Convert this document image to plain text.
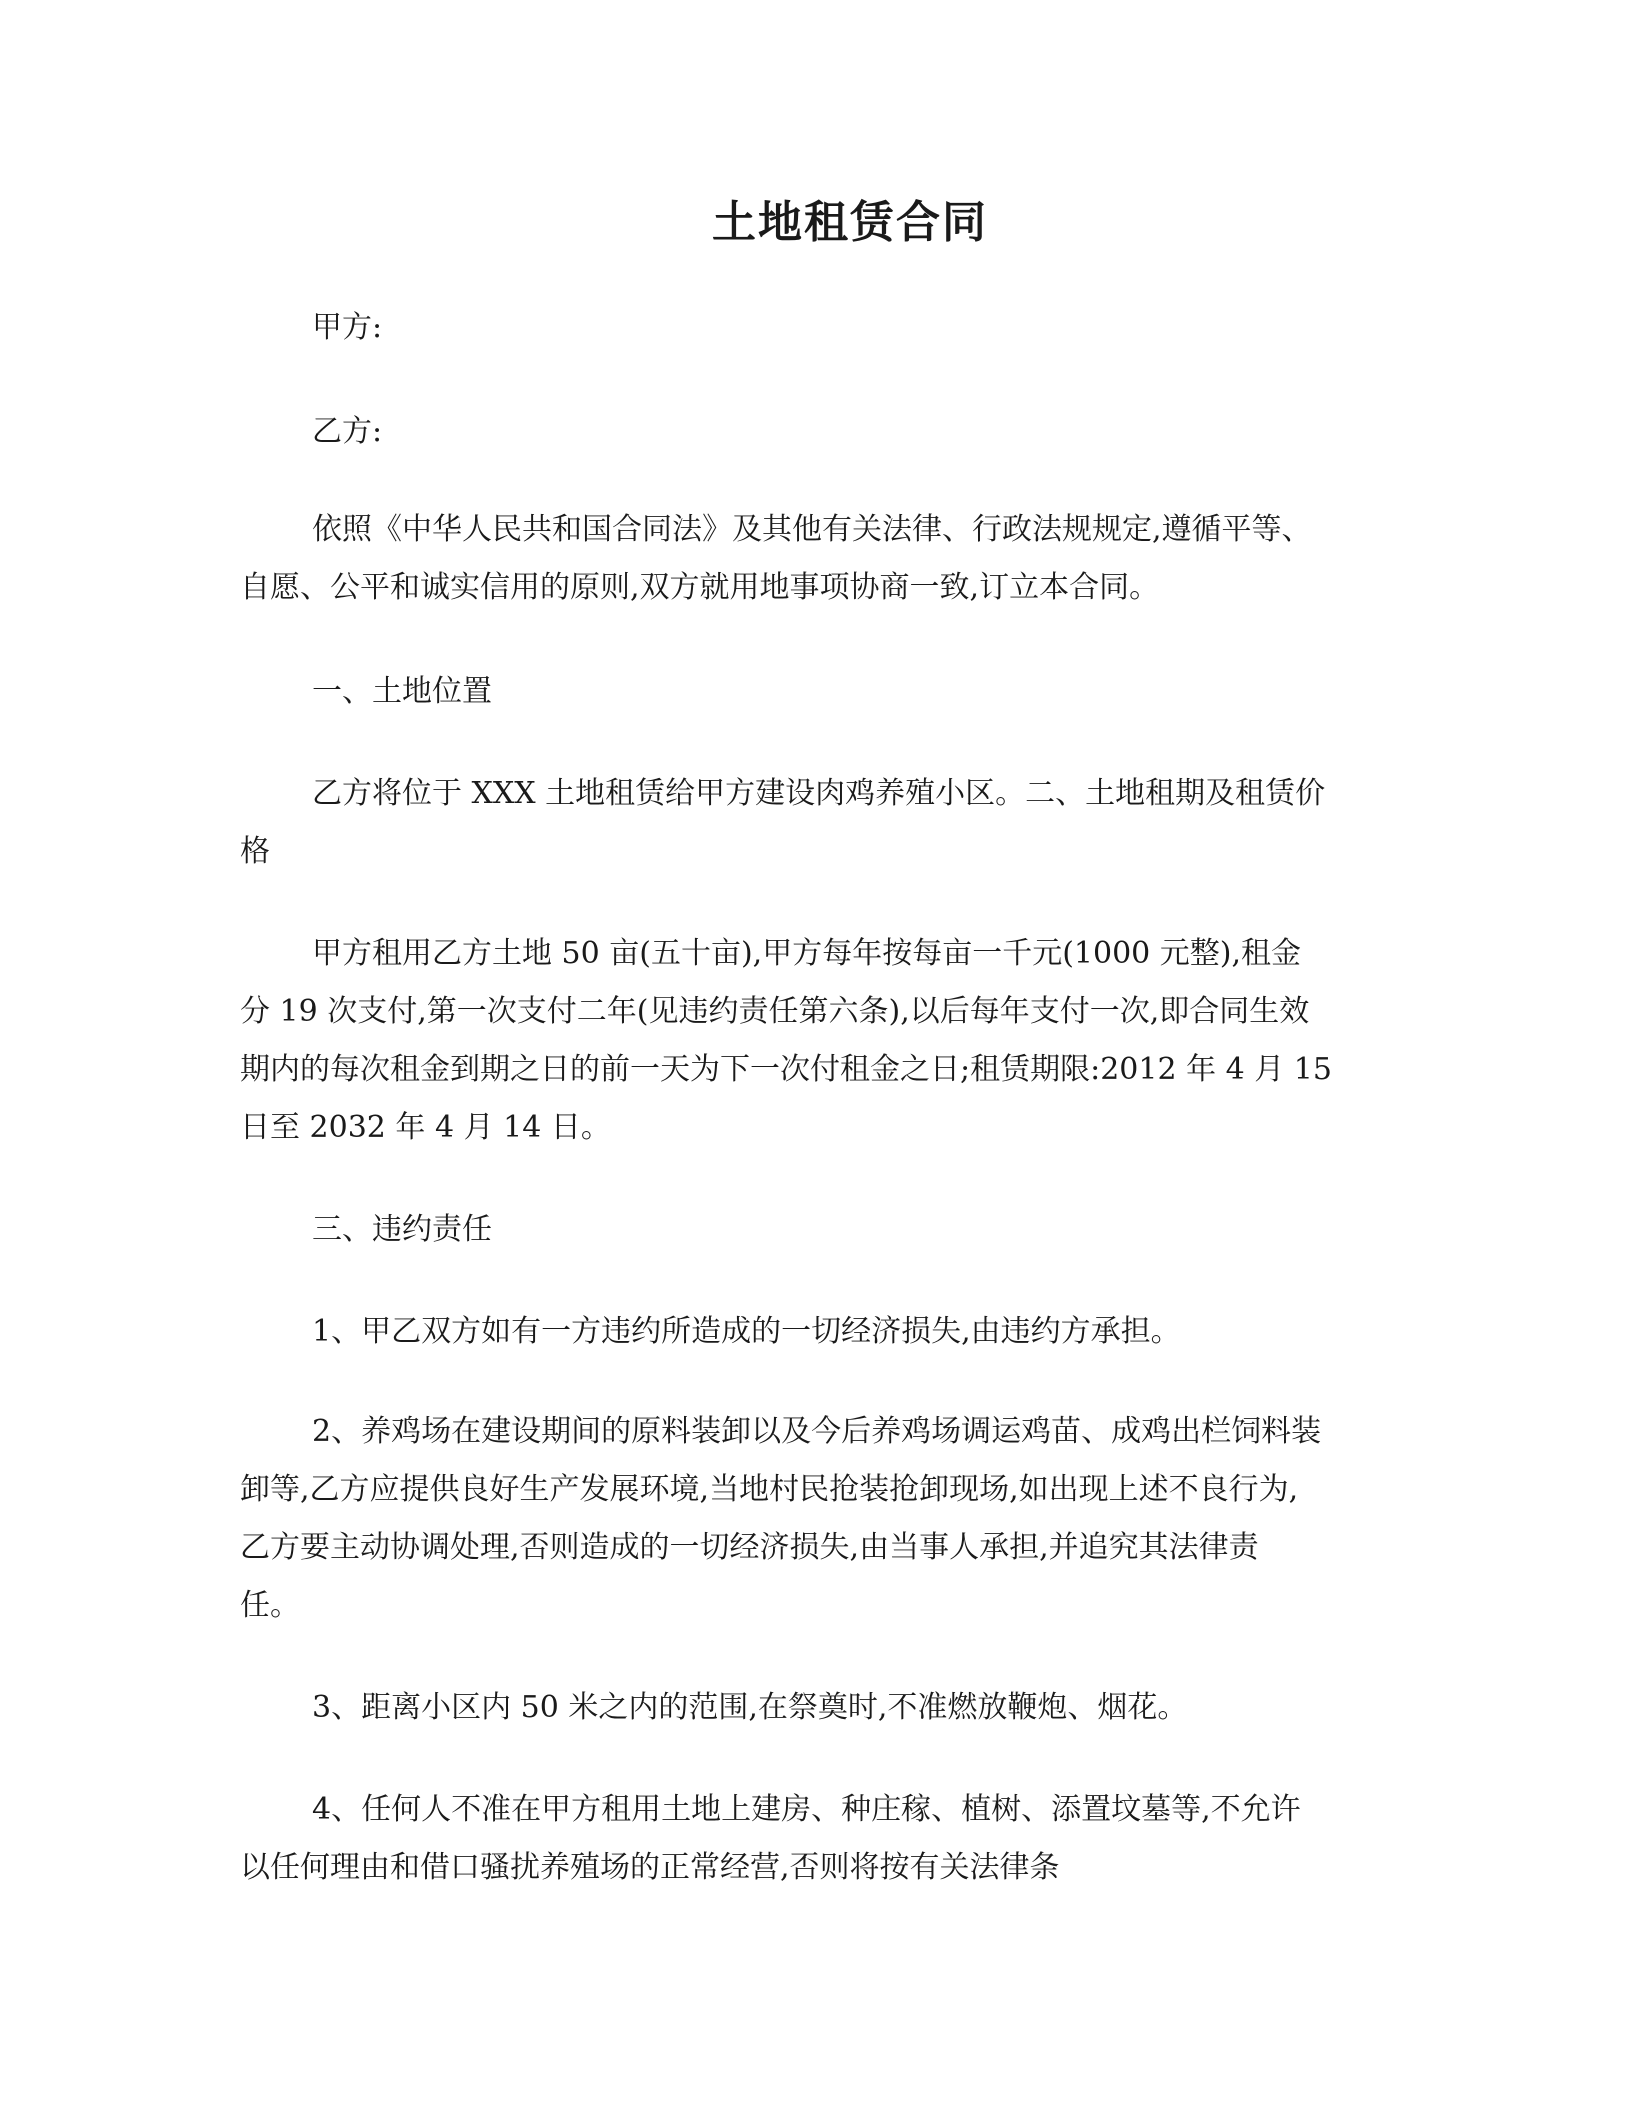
土地租赁合同

甲方:

乙方:

依照《中华人民共和国合同法》及其他有关法律、行政法规规定,遵循平等、

自愿、公平和诚实信用的原则,双方就用地事项协商一致,订立本合同。

一、土地位置

乙方将位于 XXX 土地租赁给甲方建设肉鸡养殖小区。二、土地租期及租赁价

格

甲方租用乙方土地 50 亩(五十亩),甲方每年按每亩一千元(1000 元整),租金

分 19 次支付,第一次支付二年(见违约责任第六条),以后每年支付一次,即合同生效

期内的每次租金到期之日的前一天为下一次付租金之日;租赁期限:2012 年 4 月 15

日至 2032 年 4 月 14 日。

三、违约责任

1、甲乙双方如有一方违约所造成的一切经济损失,由违约方承担。

2、养鸡场在建设期间的原料装卸以及今后养鸡场调运鸡苗、成鸡出栏饲料装

卸等,乙方应提供良好生产发展环境,当地村民抢装抢卸现场,如出现上述不良行为,

乙方要主动协调处理,否则造成的一切经济损失,由当事人承担,并追究其法律责

任。

3、距离小区内 50 米之内的范围,在祭奠时,不准燃放鞭炮、烟花。

4、任何人不准在甲方租用土地上建房、种庄稼、植树、添置坟墓等,不允许

以任何理由和借口骚扰养殖场的正常经营,否则将按有关法律条
